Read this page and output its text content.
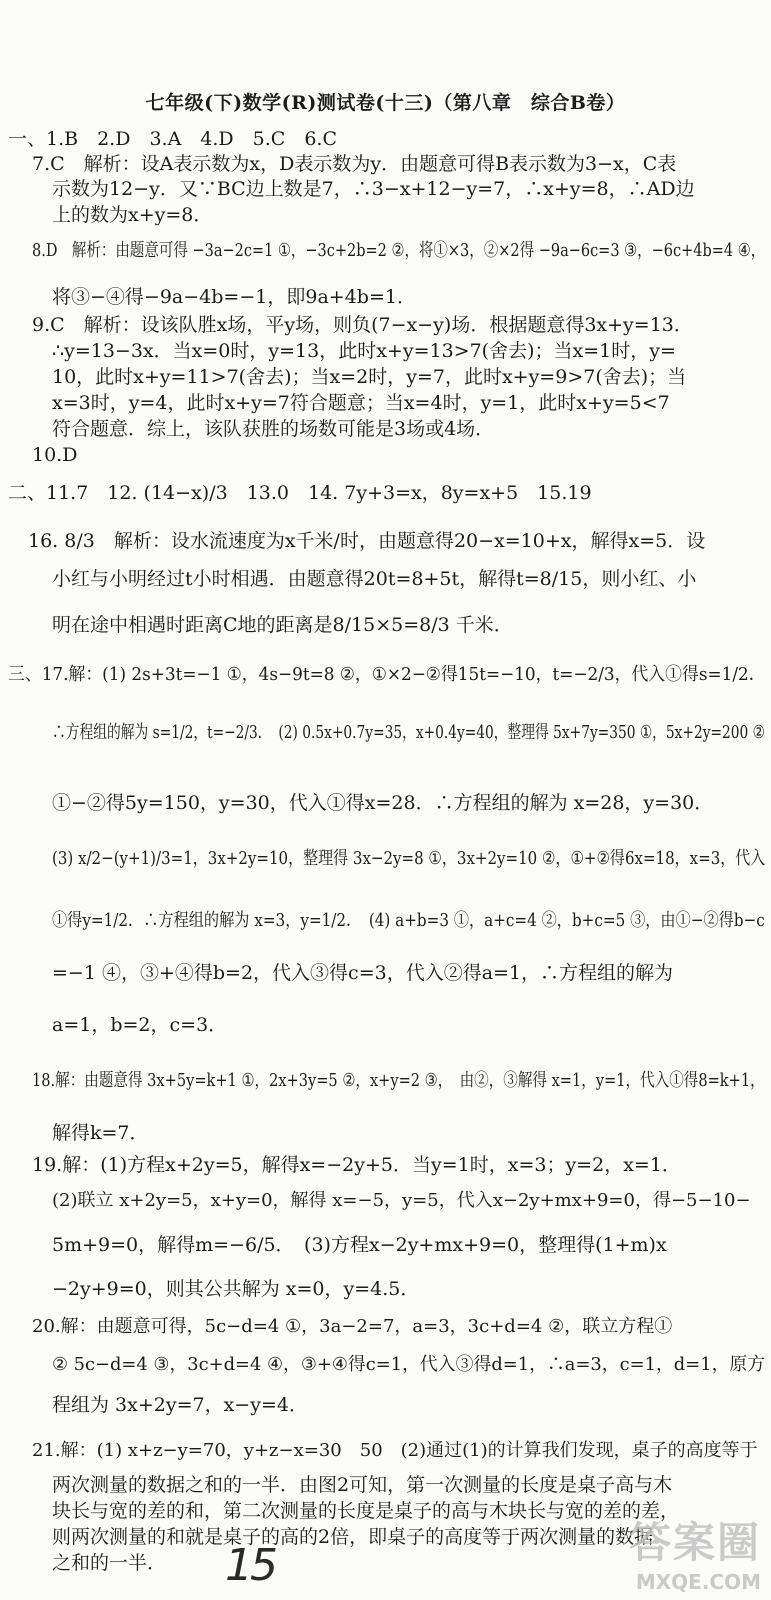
七年级(下)数学(R)测试卷(十三)（第八章　综合B卷）
一、1.B　2.D　3.A　4.D　5.C　6.C
7.C　解析：设A表示数为x，D表示数为y．由题意可得B表示数为3−x，C表
示数为12−y．又∵BC边上数是7，∴3−x+12−y=7，∴x+y=8，∴AD边
上的数为x+y=8．
8.D　解析：由题意可得 −3a−2c=1 ①，−3c+2b=2 ②，将①×3，②×2得 −9a−6c=3 ③，−6c+4b=4 ④，
将③−④得−9a−4b=−1，即9a+4b=1．
9.C　解析：设该队胜x场，平y场，则负(7−x−y)场．根据题意得3x+y=13．
∴y=13−3x．当x=0时，y=13，此时x+y=13>7(舍去)；当x=1时，y=
10，此时x+y=11>7(舍去)；当x=2时，y=7，此时x+y=9>7(舍去)；当
x=3时，y=4，此时x+y=7符合题意；当x=4时，y=1，此时x+y=5<7
符合题意．综上，该队获胜的场数可能是3场或4场．
10.D
二、11.7　12. (14−x)/3　13.0　14. 7y+3=x，8y=x+5　15.19
16. 8/3　解析：设水流速度为x千米/时，由题意得20−x=10+x，解得x=5．设
小红与小明经过t小时相遇．由题意得20t=8+5t，解得t=8/15，则小红、小
明在途中相遇时距离C地的距离是8/15×5=8/3 千米．
三、17.解：(1) 2s+3t=−1 ①，4s−9t=8 ②，①×2−②得15t=−10，t=−2/3，代入①得s=1/2．
∴方程组的解为 s=1/2，t=−2/3．　(2) 0.5x+0.7y=35，x+0.4y=40，整理得 5x+7y=350 ①，5x+2y=200 ②
①−②得5y=150，y=30，代入①得x=28．∴方程组的解为 x=28，y=30．
(3) x/2−(y+1)/3=1，3x+2y=10，整理得 3x−2y=8 ①，3x+2y=10 ②，①+②得6x=18，x=3，代入
①得y=1/2．∴方程组的解为 x=3，y=1/2．　(4) a+b=3 ①，a+c=4 ②，b+c=5 ③，由①−②得b−c
=−1 ④，③+④得b=2，代入③得c=3，代入②得a=1，∴方程组的解为
a=1，b=2，c=3．
18.解：由题意得 3x+5y=k+1 ①，2x+3y=5 ②，x+y=2 ③，　由②，③解得 x=1，y=1，代入①得8=k+1，
解得k=7．
19.解：(1)方程x+2y=5，解得x=−2y+5．当y=1时，x=3；y=2，x=1．
(2)联立 x+2y=5，x+y=0，解得 x=−5，y=5，代入x−2y+mx+9=0，得−5−10−
5m+9=0，解得m=−6/5．　(3)方程x−2y+mx+9=0，整理得(1+m)x
−2y+9=0，则其公共解为 x=0，y=4.5．
20.解：由题意可得，5c−d=4 ①，3a−2=7，a=3，3c+d=4 ②，联立方程①
② 5c−d=4 ③，3c+d=4 ④，③+④得c=1，代入③得d=1，∴a=3，c=1，d=1，原方
程组为 3x+2y=7，x−y=4．
21.解：(1) x+z−y=70，y+z−x=30　50　(2)通过(1)的计算我们发现，桌子的高度等于
两次测量的数据之和的一半．由图2可知，第一次测量的长度是桌子高与木
块长与宽的差的和，第二次测量的长度是桌子的高与木块长与宽的差的差，
则两次测量的和就是桌子的高的2倍，即桌子的高度等于两次测量的数据
之和的一半． 15	答案圈
MXQE.COM
